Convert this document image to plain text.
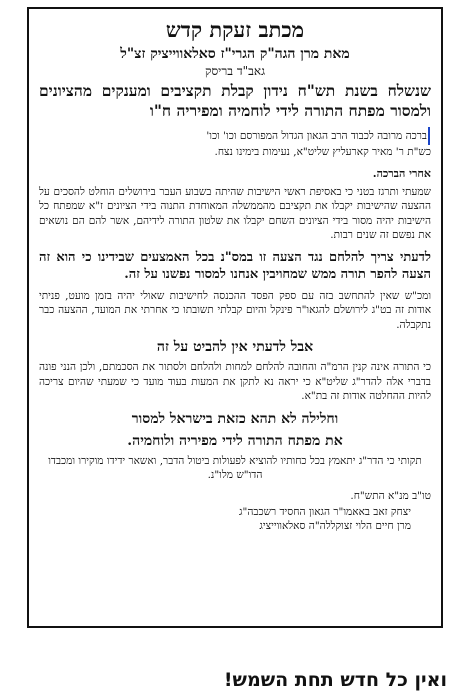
מכתב זעקת קדש
מאת מרן הגה"ק הגרי"ז סאלאווייציק זצ"ל
גאב"ד בריסק
שנשלח בשנת תש"ח נידון קבלת תקציבים ומענקים מהציונים ולמסור מפתח התורה לידי לוחמיה ומפיריה ח"ו

ברכה מרובה לכבוד הרב הגאון הגדול המפורסם וכו' וכו'

כש"ת ר' מאיר קארעליץ שליט"א, נעימות בימינו נצח.

אחרי הברכה.
שמעתי ותרגז בטני כי באסיפת ראשי הישיבות שהיתה בשבוע העבר בירושלים הוחלט להסכים על ההצעה שהישיבות יקבלו את תקציבם מהממשלה המאוחדת התנוה בידי הציונים ז"א שמפתח כל הישיבות יהיה מסור בידי הציונים השחם יקבלו את שלטון התורה לידיהם, אשר להם הם נושאים את נפשם זה שנים רבות.
לדעתי צריך להלחם נגד הצעה זו במס"נ בכל האמצעים שבידינו כי הוא זה הצעה להפר תורה ממש שמחויבין אנחנו למסור נפשנו על זה.
ומכ"ש שאין להתחשב בזה עם ספק הפסד ההכנסה לחישיבות שאולי יהיה בזמן מועט, פניתי אודות זה בט"ג לירושלם להגאו"ר פינקל והיום קבלתי תשובתו כי אחרתי את המועד, ההצעה כבר נתקבלה.
אבל לדעתי אין להביט על זה
כי התורה אינה קנין הרמ"ה והחובה להלחם למחות ולהלחם ולסתור את הסכמתם, ולכן הנני פונה בדברי אלה להדר"ג שליט"א כי יראה נא לתקן את המעות בעוד מועד כי שמעתי שהיום צריכה להיות ההחלטה אודות זה בת"א.
וחלילה לא תהא כזאת בישראל למסור
את מפתח התורה לידי מפיריה ולוחמיה.
תקותי כי הדר"ג יתאמץ בכל כחותיו להוציא לפעולות ביטול הדבר, ואשאר ידידו מוקירו ומכבדו הדו"ש מלו"נ.
טו"ב מנ"א התש"ח.
יצחק זאב באאמו"ר הגאון החסיד רשכבה"ג
מרן חיים הלוי זצוקללה"ה סאלאווייציג
ואין כל חדש תחת השמש!
